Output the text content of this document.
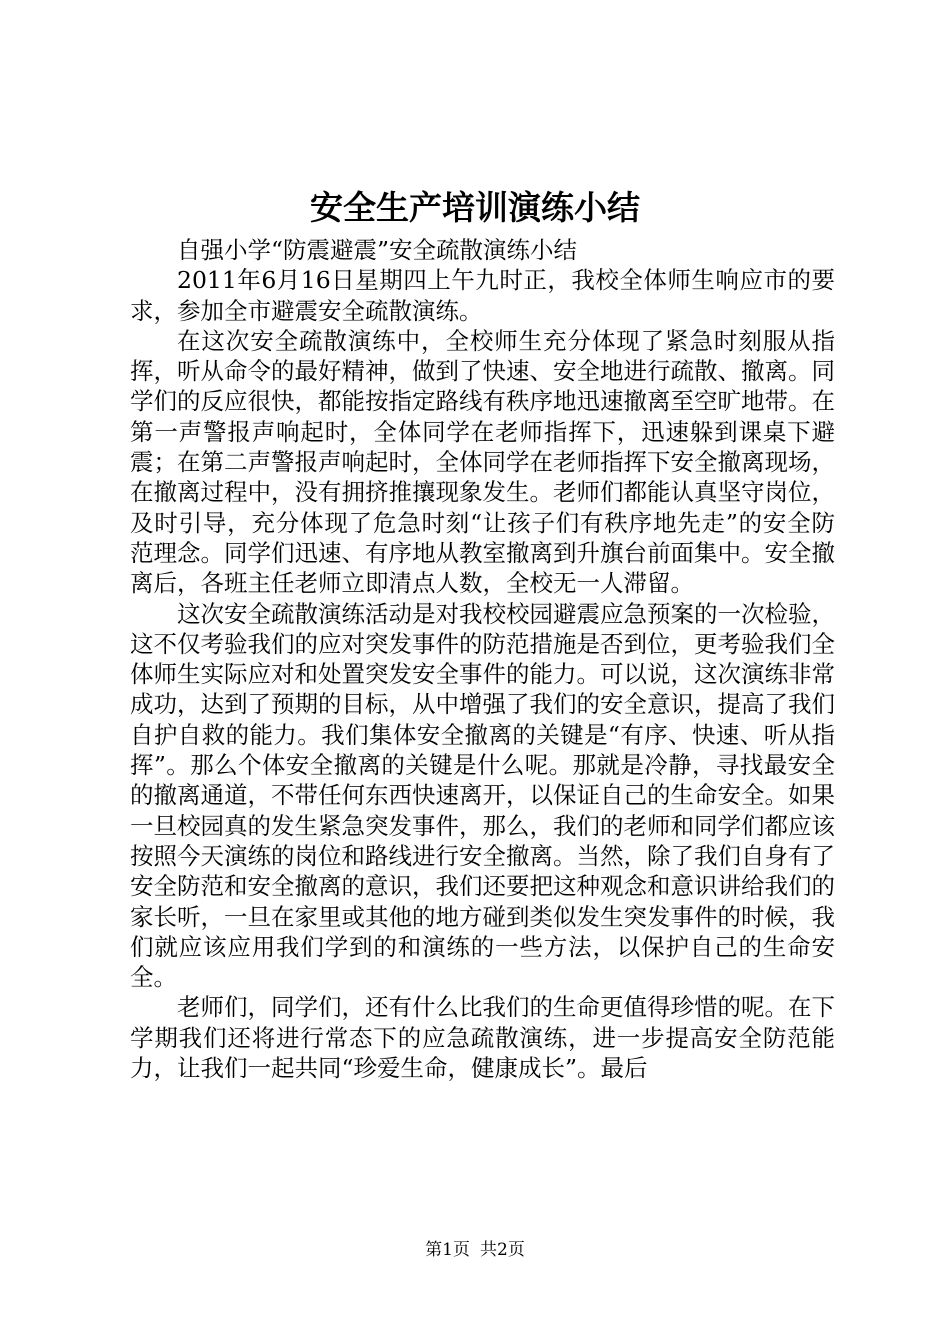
安全生产培训演练小结

自强小学“防震避震”安全疏散演练小结

2011年6月16日星期四上午九时正，我校全体师生响应市的要求，参加全市避震安全疏散演练。

在这次安全疏散演练中，全校师生充分体现了紧急时刻服从指挥，听从命令的最好精神，做到了快速、安全地进行疏散、撤离。同学们的反应很快，都能按指定路线有秩序地迅速撤离至空旷地带。在第一声警报声响起时，全体同学在老师指挥下，迅速躲到课桌下避震；在第二声警报声响起时，全体同学在老师指挥下安全撤离现场，在撤离过程中，没有拥挤推攘现象发生。老师们都能认真坚守岗位，及时引导，充分体现了危急时刻“让孩子们有秩序地先走”的安全防范理念。同学们迅速、有序地从教室撤离到升旗台前面集中。安全撤离后，各班主任老师立即清点人数，全校无一人滞留。

这次安全疏散演练活动是对我校校园避震应急预案的一次检验，这不仅考验我们的应对突发事件的防范措施是否到位，更考验我们全体师生实际应对和处置突发安全事件的能力。可以说，这次演练非常成功，达到了预期的目标，从中增强了我们的安全意识，提高了我们自护自救的能力。我们集体安全撤离的关键是“有序、快速、听从指挥”。那么个体安全撤离的关键是什么呢。那就是冷静，寻找最安全的撤离通道，不带任何东西快速离开，以保证自己的生命安全。如果一旦校园真的发生紧急突发事件，那么，我们的老师和同学们都应该按照今天演练的岗位和路线进行安全撤离。当然，除了我们自身有了安全防范和安全撤离的意识，我们还要把这种观念和意识讲给我们的家长听，一旦在家里或其他的地方碰到类似发生突发事件的时候，我们就应该应用我们学到的和演练的一些方法，以保护自己的生命安全。

老师们，同学们，还有什么比我们的生命更值得珍惜的呢。在下学期我们还将进行常态下的应急疏散演练，进一步提高安全防范能力，让我们一起共同“珍爱生命，健康成长”。最后

第1页 共2页
